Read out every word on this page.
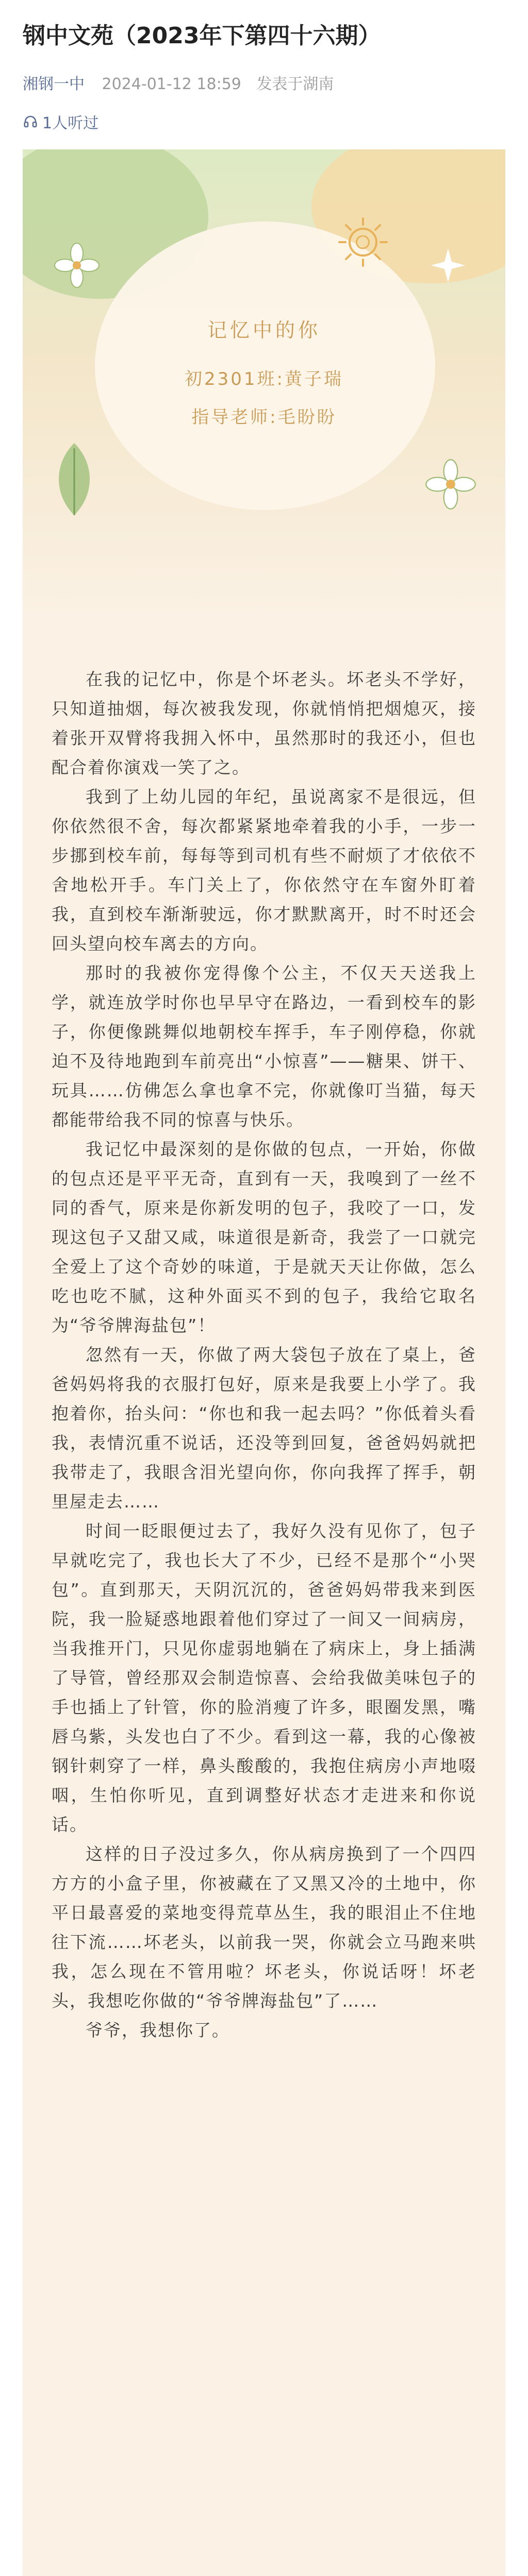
钢中文苑（2023年下第四十六期）
湘钢一中 2024-01-12 18:59 发表于湖南
1人听过
记忆中的你
初2301班:黄子瑞
指导老师:毛盼盼

在我的记忆中，你是个坏老头。坏老头不学好，只知道抽烟，每次被我发现，你就悄悄把烟熄灭，接着张开双臂将我拥入怀中，虽然那时的我还小，但也配合着你演戏一笑了之。

我到了上幼儿园的年纪，虽说离家不是很远，但你依然很不舍，每次都紧紧地牵着我的小手，一步一步挪到校车前，每每等到司机有些不耐烦了才依依不舍地松开手。车门关上了，你依然守在车窗外盯着我，直到校车渐渐驶远，你才默默离开，时不时还会回头望向校车离去的方向。

那时的我被你宠得像个公主，不仅天天送我上学，就连放学时你也早早守在路边，一看到校车的影子，你便像跳舞似地朝校车挥手，车子刚停稳，你就迫不及待地跑到车前亮出“小惊喜”——糖果、饼干、玩具……仿佛怎么拿也拿不完，你就像叮当猫，每天都能带给我不同的惊喜与快乐。

我记忆中最深刻的是你做的包点，一开始，你做的包点还是平平无奇，直到有一天，我嗅到了一丝不同的香气，原来是你新发明的包子，我咬了一口，发现这包子又甜又咸，味道很是新奇，我尝了一口就完全爱上了这个奇妙的味道，于是就天天让你做，怎么吃也吃不腻，这种外面买不到的包子，我给它取名为“爷爷牌海盐包”！

忽然有一天，你做了两大袋包子放在了桌上，爸爸妈妈将我的衣服打包好，原来是我要上小学了。我抱着你，抬头问：“你也和我一起去吗？”你低着头看我，表情沉重不说话，还没等到回复，爸爸妈妈就把我带走了，我眼含泪光望向你，你向我挥了挥手，朝里屋走去……

时间一眨眼便过去了，我好久没有见你了，包子早就吃完了，我也长大了不少，已经不是那个“小哭包”。直到那天，天阴沉沉的，爸爸妈妈带我来到医院，我一脸疑惑地跟着他们穿过了一间又一间病房，当我推开门，只见你虚弱地躺在了病床上，身上插满了导管，曾经那双会制造惊喜、会给我做美味包子的手也插上了针管，你的脸消瘦了许多，眼圈发黑，嘴唇乌紫，头发也白了不少。看到这一幕，我的心像被钢针刺穿了一样，鼻头酸酸的，我抱住病房小声地啜咽，生怕你听见，直到调整好状态才走进来和你说话。

这样的日子没过多久，你从病房换到了一个四四方方的小盒子里，你被藏在了又黑又冷的土地中，你平日最喜爱的菜地变得荒草丛生，我的眼泪止不住地往下流……坏老头，以前我一哭，你就会立马跑来哄我，怎么现在不管用啦？坏老头，你说话呀！坏老头，我想吃你做的“爷爷牌海盐包”了……

爷爷，我想你了。
